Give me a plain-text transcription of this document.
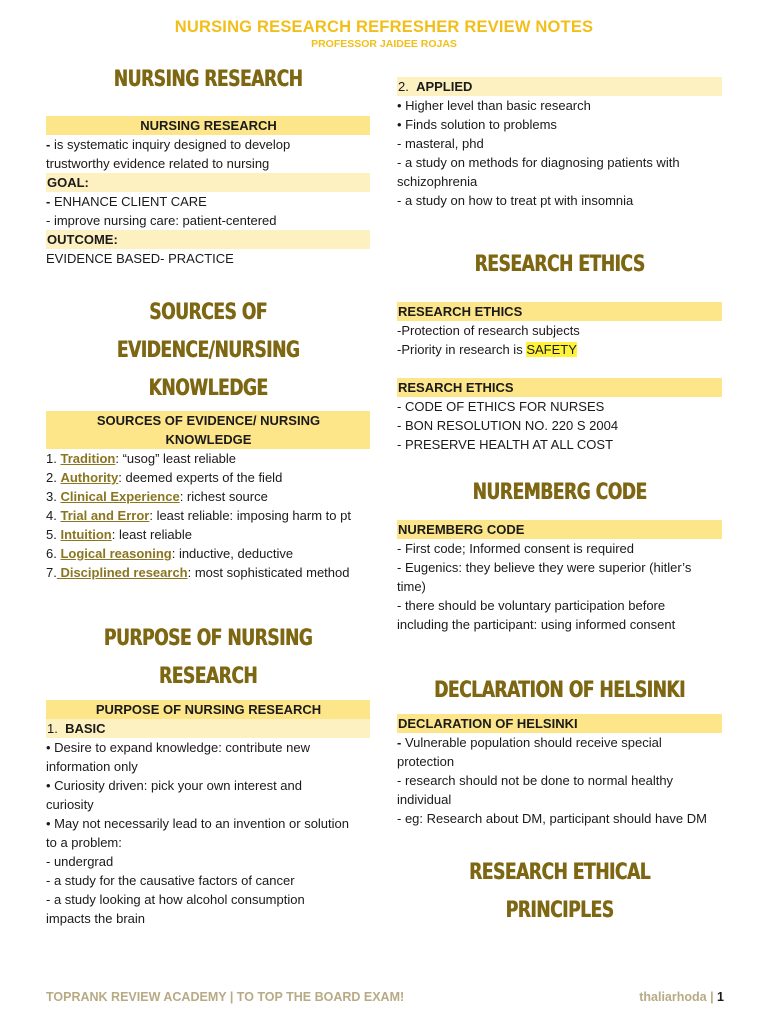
NURSING RESEARCH REFRESHER REVIEW NOTES
PROFESSOR JAIDEE ROJAS
NURSING RESEARCH
NURSING RESEARCH
- is systematic inquiry designed to develop
trustworthy evidence related to nursing
GOAL:
- ENHANCE CLIENT CARE
- improve nursing care: patient-centered
OUTCOME:
EVIDENCE BASED- PRACTICE
SOURCES OF
EVIDENCE/NURSING
KNOWLEDGE
SOURCES OF EVIDENCE/ NURSING
KNOWLEDGE
1. Tradition: “usog” least reliable
2. Authority: deemed experts of the field
3. Clinical Experience: richest source
4. Trial and Error: least reliable: imposing harm to pt
5. Intuition: least reliable
6. Logical reasoning: inductive, deductive
7. Disciplined research: most sophisticated method
PURPOSE OF NURSING
RESEARCH
PURPOSE OF NURSING RESEARCH
1. BASIC
• Desire to expand knowledge: contribute new
information only
• Curiosity driven: pick your own interest and
curiosity
• May not necessarily lead to an invention or solution
to a problem:
- undergrad
- a study for the causative factors of cancer
- a study looking at how alcohol consumption
impacts the brain
2. APPLIED
• Higher level than basic research
• Finds solution to problems
- masteral, phd
- a study on methods for diagnosing patients with
schizophrenia
- a study on how to treat pt with insomnia
RESEARCH ETHICS
RESEARCH ETHICS
-Protection of research subjects
-Priority in research is SAFETY
RESARCH ETHICS
- CODE OF ETHICS FOR NURSES
- BON RESOLUTION NO. 220 S 2004
- PRESERVE HEALTH AT ALL COST
NUREMBERG CODE
NUREMBERG CODE
- First code; Informed consent is required
- Eugenics: they believe they were superior (hitler’s
time)
- there should be voluntary participation before
including the participant: using informed consent
DECLARATION OF HELSINKI
DECLARATION OF HELSINKI
- Vulnerable population should receive special
protection
- research should not be done to normal healthy
individual
- eg: Research about DM, participant should have DM
RESEARCH ETHICAL
PRINCIPLES
TOPRANK REVIEW ACADEMY | TO TOP THE BOARD EXAM!	thaliarhoda | 1
